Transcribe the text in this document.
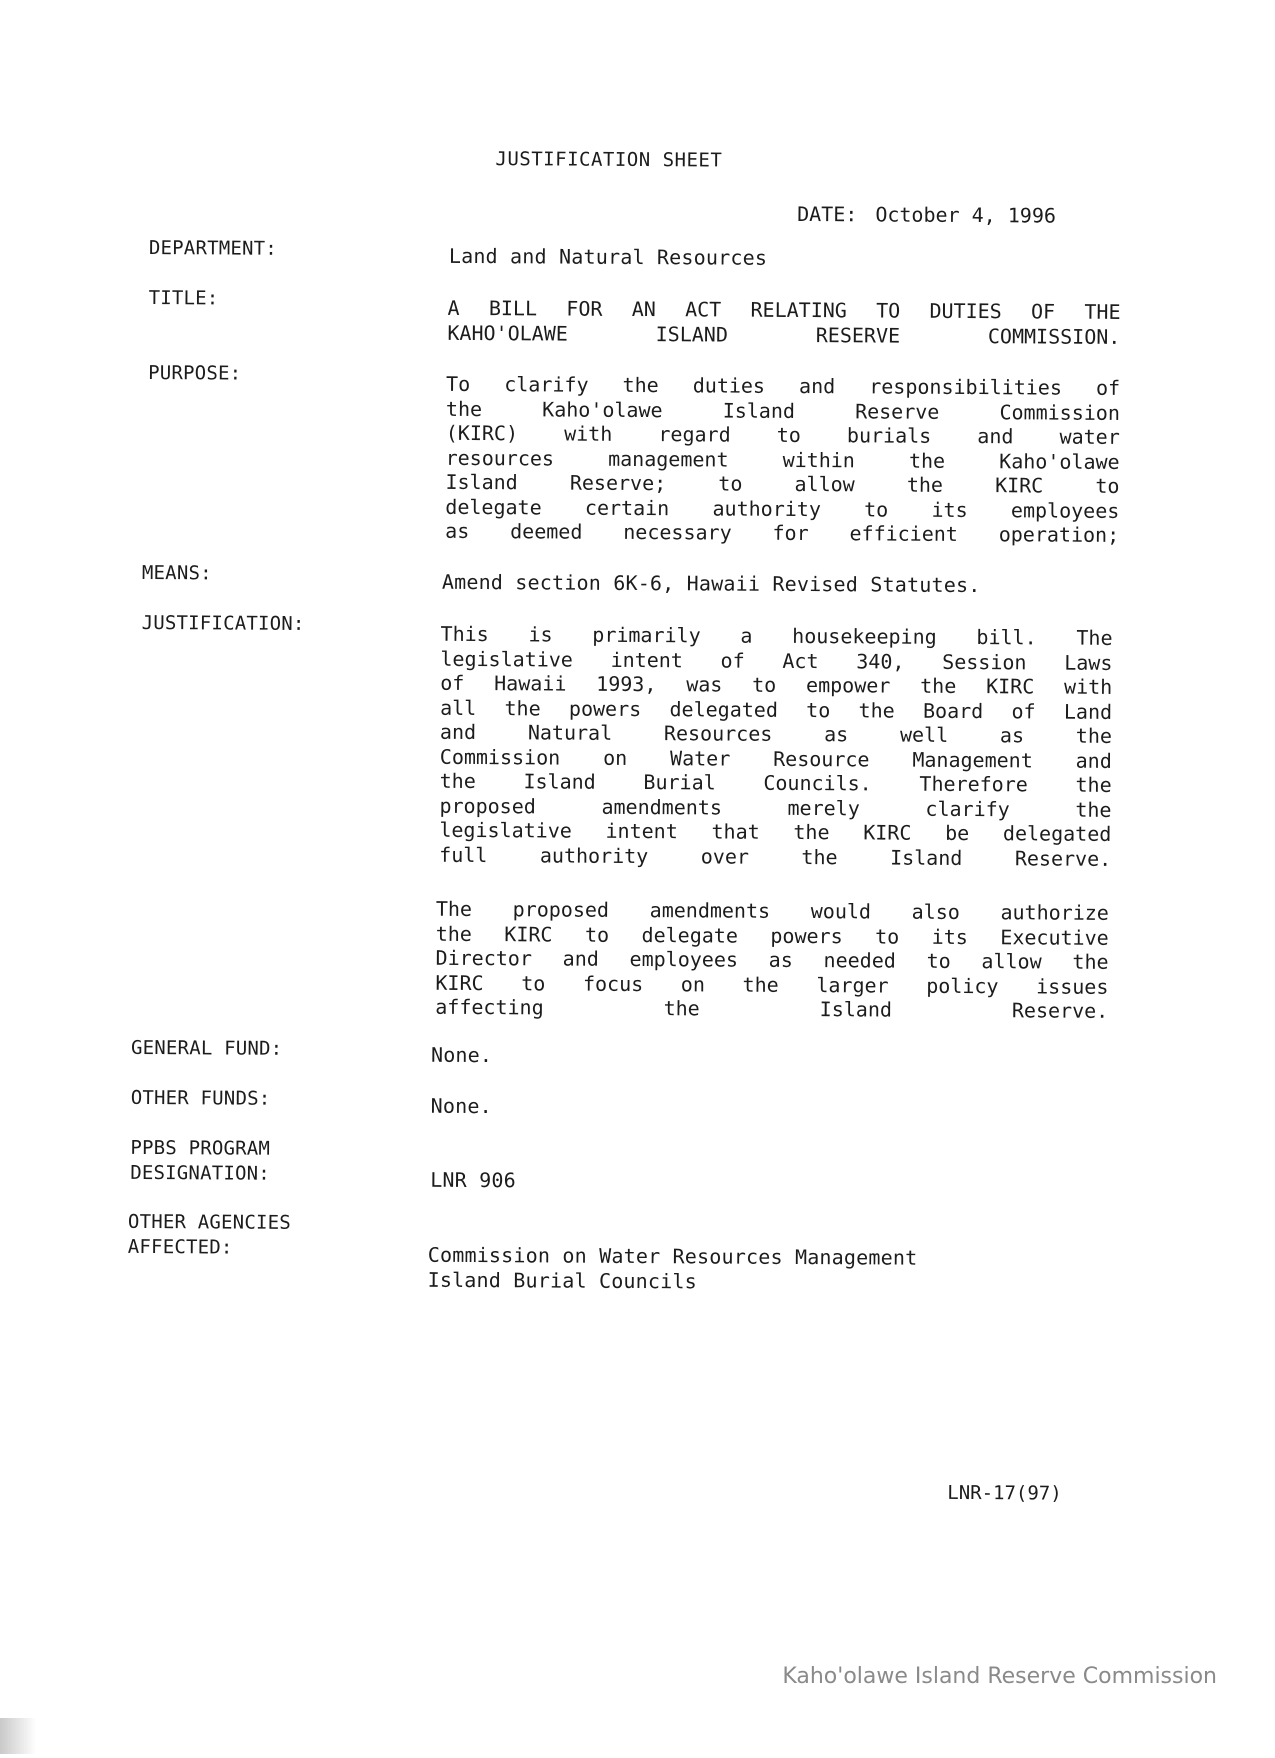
JUSTIFICATION SHEET
DATE: October 4, 1996
DEPARTMENT:	Land and Natural Resources
TITLE:	A BILL FOR AN ACT RELATING TO DUTIES OF THE
KAHO'OLAWE ISLAND RESERVE COMMISSION.
PURPOSE:	To clarify the duties and responsibilities of
the Kaho'olawe Island Reserve Commission
(KIRC) with regard to burials and water
resources management within the Kaho'olawe
Island Reserve; to allow the KIRC to
delegate certain authority to its employees
as deemed necessary for efficient operation;
MEANS:	Amend section 6K-6, Hawaii Revised Statutes.
JUSTIFICATION:	This is primarily a housekeeping bill. The
legislative intent of Act 340, Session Laws
of Hawaii 1993, was to empower the KIRC with
all the powers delegated to the Board of Land
and Natural Resources as well as the
Commission on Water Resource Management and
the Island Burial Councils. Therefore the
proposed amendments merely clarify the
legislative intent that the KIRC be delegated
full authority over the Island Reserve.
The proposed amendments would also authorize
the KIRC to delegate powers to its Executive
Director and employees as needed to allow the
KIRC to focus on the larger policy issues
affecting the Island Reserve.
GENERAL FUND:	None.
OTHER FUNDS:	None.
PPBS PROGRAM
DESIGNATION:	LNR 906
OTHER AGENCIES
AFFECTED:	Commission on Water Resources Management
Island Burial Councils
LNR-17(97)
Kaho'olawe Island Reserve Commission
